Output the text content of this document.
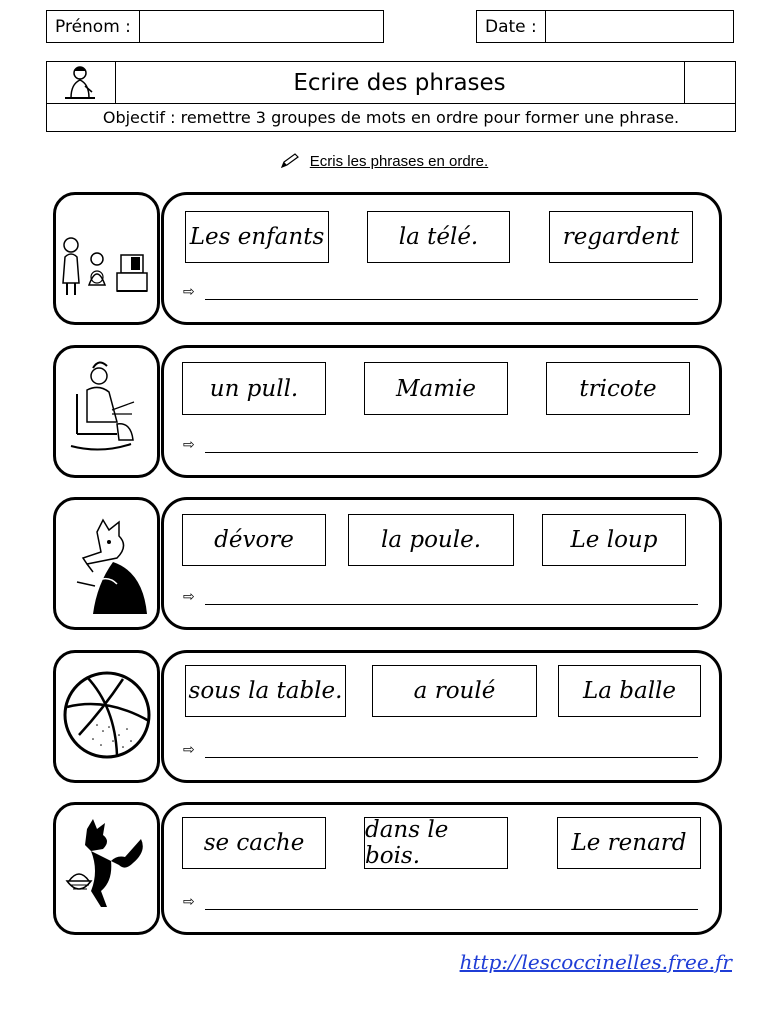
Prénom :	Date :
Ecrire des phrases
Objectif : remettre 3 groupes de mots en ordre pour former une phrase.
Ecris les phrases en ordre.
Les enfants	la télé.	regardent
⇨
un pull.	Mamie	tricote
⇨
dévore	la poule.	Le loup
⇨
sous la table.	a roulé	La balle
⇨
se cache	dans le bois.	Le renard
⇨
http://lescoccinelles.free.fr
